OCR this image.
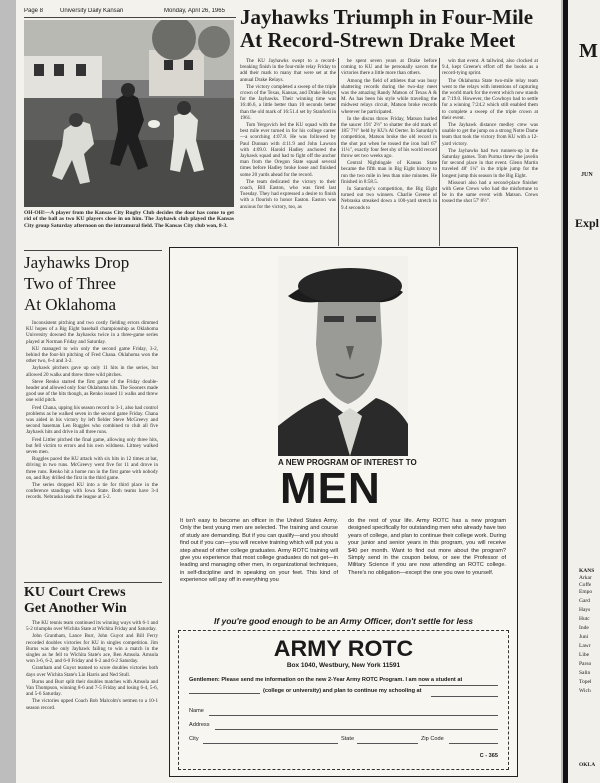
Page 8	University Daily Kansan	Monday, April 26, 1965
OH-OH!—A player from the Kansas City Rugby Club decides the door has come to get rid of the ball as two KU players close in on him. The Jayhawk club played the Kansas City group Saturday afternoon on the intramural field. The Kansas City club won, 8-3.
Jayhawks Triumph in Four-Mile
At Record-Strewn Drake Meet

The KU Jayhawks swept to a record-breaking finish in the four-mile relay Friday to add their mark to many that were set at the annual Drake Relays.

The victory completed a sweep of the triple crown of the Texas, Kansas, and Drake Relays for the Jayhawks. Their winning time was 16:46.6, a little better than 10 seconds better than the old mark of 16:51.4 set by Stanford in 1961.

Tom Yergovich led the KU squad with the best mile ever turned in for his college career—a scorching 4:07.8. He was followed by Paul Dunnan with 4:11.9 and John Lawson with 4:09.0. Harold Hadley anchored the Jayhawk squad and had to fight off the anchor man from the Oregon State squad several times before Hadley broke loose and finished some 20 yards ahead for the record.

The team dedicated the victory to their coach, Bill Easton, who was fired last Tuesday. They had expressed a desire to finish with a flourish to honor Easton. Easton was anxious for the victory, too, as

he spent seven years at Drake before coming to KU and he personally savors the victories there a little more than others.

Among the field of athletes that was busy shattering records during the two-day meet was the amazing Randy Matson of Texas A & M. As has been his style while traveling the midwest relays circuit, Matson broke records wherever he participated.

In the discus throw Friday, Matson hurled the saucer 191' 2½" to shatter the old mark of 185' 7½" held by KU's Al Oerter. In Saturday's competition, Matson broke the old record in the shot put when he tossed the iron ball 67' 11¼", exactly four feet shy of his world record throw set two weeks ago.

Central Nightingale of Kansas State became the fifth man in Big Eight history to run the two mile in less than nine minutes. He finished in 8:58.5.

In Saturday's competition, the Big Eight turned out two winners. Charlie Greene of Nebraska streaked down a 100-yard stretch in 9.4 seconds to

win that event. A tailwind, also clocked at 9.4, kept Greene's effort off the books as a record-tying sprint.

The Oklahoma State two-mile relay team went to the relays with intentions of capturing the world mark for the event which now stands at 7:19.0. However, the Cowboys had to settle for a winning 7:24.2 which still enabled them to complete a sweep of the triple crown at their event.

The Jayhawk distance medley crew was unable to get the jump on a strong Notre Dame team that took the victory from KU with a 12-yard victory.

The Jayhawks had two runners-up in the Saturday games. Tom Purma threw the javelin for second place in that event. Glenn Martin traveled 48' 1¼" in the triple jump for the longest jump this season in the Big Eight.

Missouri also had a second-place finisher with Gene Crews who had the misfortune to be in the same event with Matson. Crews tossed the shot 57' 8½".

Jayhawks Drop
Two of Three
At Oklahoma

Inconsistent pitching and two costly fielding errors dimmed KU hopes of a Big Eight baseball championship as Oklahoma University downed the Jayhawks twice in a three-game series played at Norman Friday and Saturday.

KU managed to win only the second game Friday, 3-2, behind the four-hit pitching of Fred Chana. Oklahoma won the other two, 6-4 and 3-2.

Jayhawk pitchers gave up only 11 hits in the series, but allowed 20 walks and threw three wild pitches.

Steve Renko started the first game of the Friday double-header and allowed only four Oklahoma hits. The Sooners made good use of the hits though, as Renko issued 11 walks and threw one wild pitch.

Fred Chana, upping his season record to 3-1, also had control problems as he walked seven in the second game Friday. Chana was aided in his victory by left fielder Steve McGreevy and second baseman Len Ruggles who combined to club all five Jayhawk hits and drive in all three runs.

Fred Littler pitched the final game, allowing only three hits, but fell victim to errors and his own wildness. Littney walked seven men.

Ruggles paced the KU attack with six hits in 12 times at bat, driving in two runs. McGreevy went five for 11 and drove in three runs. Renko hit a home run in the first game with nobody on, and Ray drilled the first in the third game.

The series dropped KU into a tie for third place in the conference standings with Iowa State. Both teams have 3-4 records. Nebraska leads the league at 5-2.

KU Court Crews
Get Another Win

The KU tennis team continued its winning ways with 6-1 and 5-2 triumphs over Wichita State at Wichita Friday and Saturday.

John Grantham, Lance Burr, John Guyot and Bill Ferry recorded doubles victories for KU in singles competition. Jim Burns was the only Jayhawk failing to win a match in the singles as he fell to Wichita State's ace, Ben Amsola. Amsola won 3-6, 6-2, and 6-0 Friday and 6-2 and 6-2 Saturday.

Grantham and Guyot teamed to score doubles victories both days over Wichita State's Lin Harris and Ned Stull.

Burns and Burr split their doubles matches with Amsola and Van Thompson, winning 8-6 and 7-5 Friday and losing 6-4, 5-6, and 5-6 Saturday.

The victories upped Coach Bob Malcolm's netmen to a 10-1 season record.

A NEW PROGRAM OF INTEREST TO
MEN
It isn't easy to become an officer in the United States Army. Only the best young men are selected. The training and course of study are demanding. But if you can qualify—and you should find out if you can—you will receive training which will put you a step ahead of other college graduates. Army ROTC training will give you experience that most college graduates do not get—in leading and managing other men, in organizational techniques, in self-discipline and in speaking on your feet. This kind of experience will pay off in everything you
do the rest of your life. Army ROTC has a new program designed specifically for outstanding men who already have two years of college, and plan to continue their college work. During your junior and senior years in this program, you will receive $40 per month. Want to find out more about the program? Simply send in the coupon below, or see the Professor of Military Science if you are now attending an ROTC college. There's no obligation—except the one you owe to yourself.
If you're good enough to be an Army Officer, don't settle for less
ARMY ROTC
Box 1040, Westbury, New York 11591
Gentlemen: Please send me information on the new 2-Year Army ROTC Program. I am now a student at
(college or university) and plan to continue my schooling at
Name
Address
City	State	Zip Code
C - 365
M
JUN
Expl
KANS
Arkar
Coffe
Empo
Gard
Hays
Hutc
Inde
Juni
Lawr
Libe
Parso
Salin
Topel
Wich
OKLA
